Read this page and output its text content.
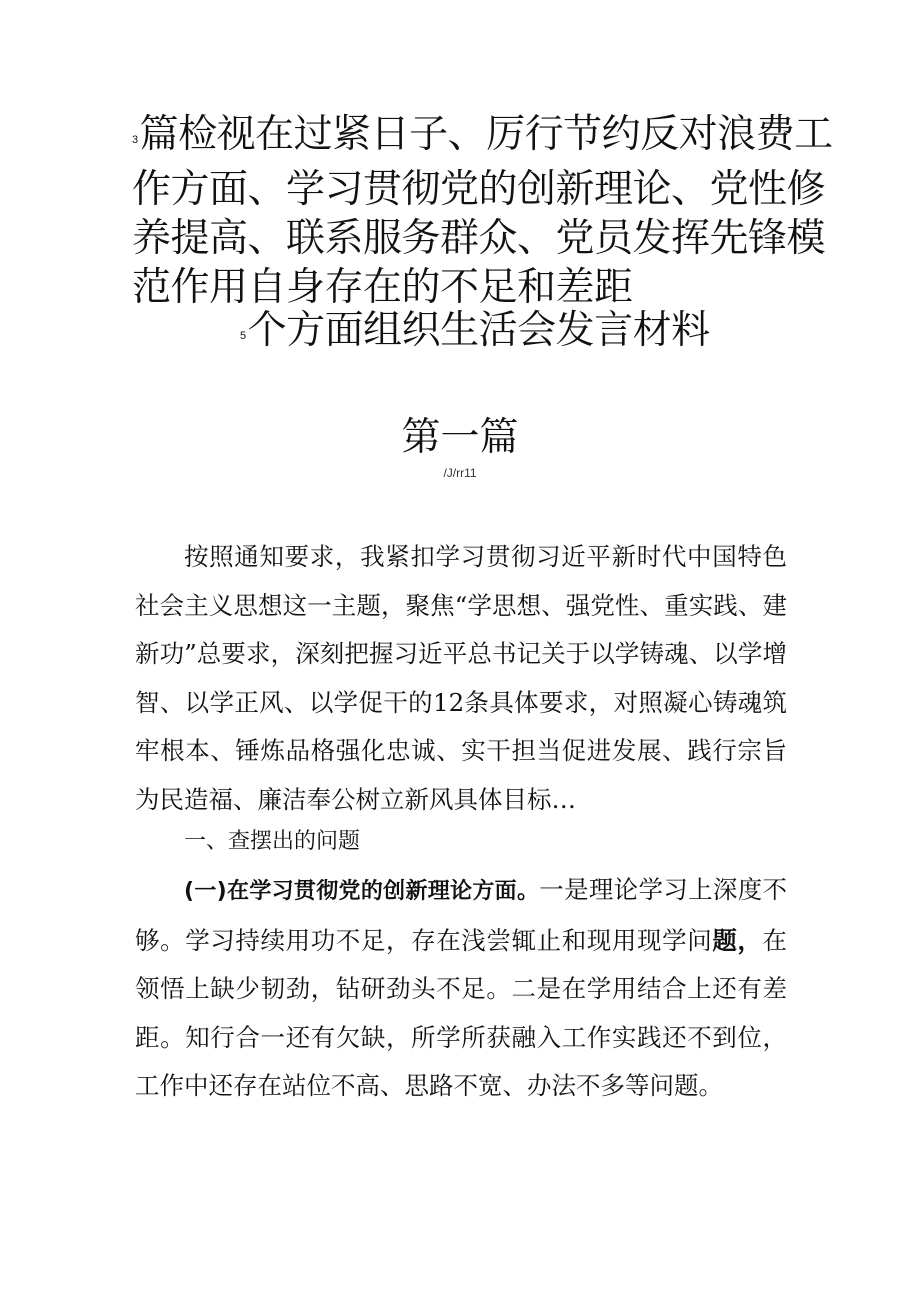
3篇检视在过紧日子、厉行节约反对浪费工
作方面、学习贯彻党的创新理论、党性修
养提高、联系服务群众、党员发挥先锋模
范作用自身存在的不足和差距
5个方面组织生活会发言材料
第一篇
/J/rr11
按照通知要求，我紧扣学习贯彻习近平新时代中国特色社会主义思想这一主题，聚焦“学思想、强党性、重实践、建新功”总要求，深刻把握习近平总书记关于以学铸魂、以学增智、以学正风、以学促干的12条具体要求，对照凝心铸魂筑牢根本、锤炼品格强化忠诚、实干担当促进发展、践行宗旨为民造福、廉洁奉公树立新风具体目标…
一、查摆出的问题
(一)在学习贯彻党的创新理论方面。一是理论学习上深度不够。学习持续用功不足，存在浅尝辄止和现用现学问题，在领悟上缺少韧劲，钻研劲头不足。二是在学用结合上还有差距。知行合一还有欠缺，所学所获融入工作实践还不到位，工作中还存在站位不高、思路不宽、办法不多等问题。
